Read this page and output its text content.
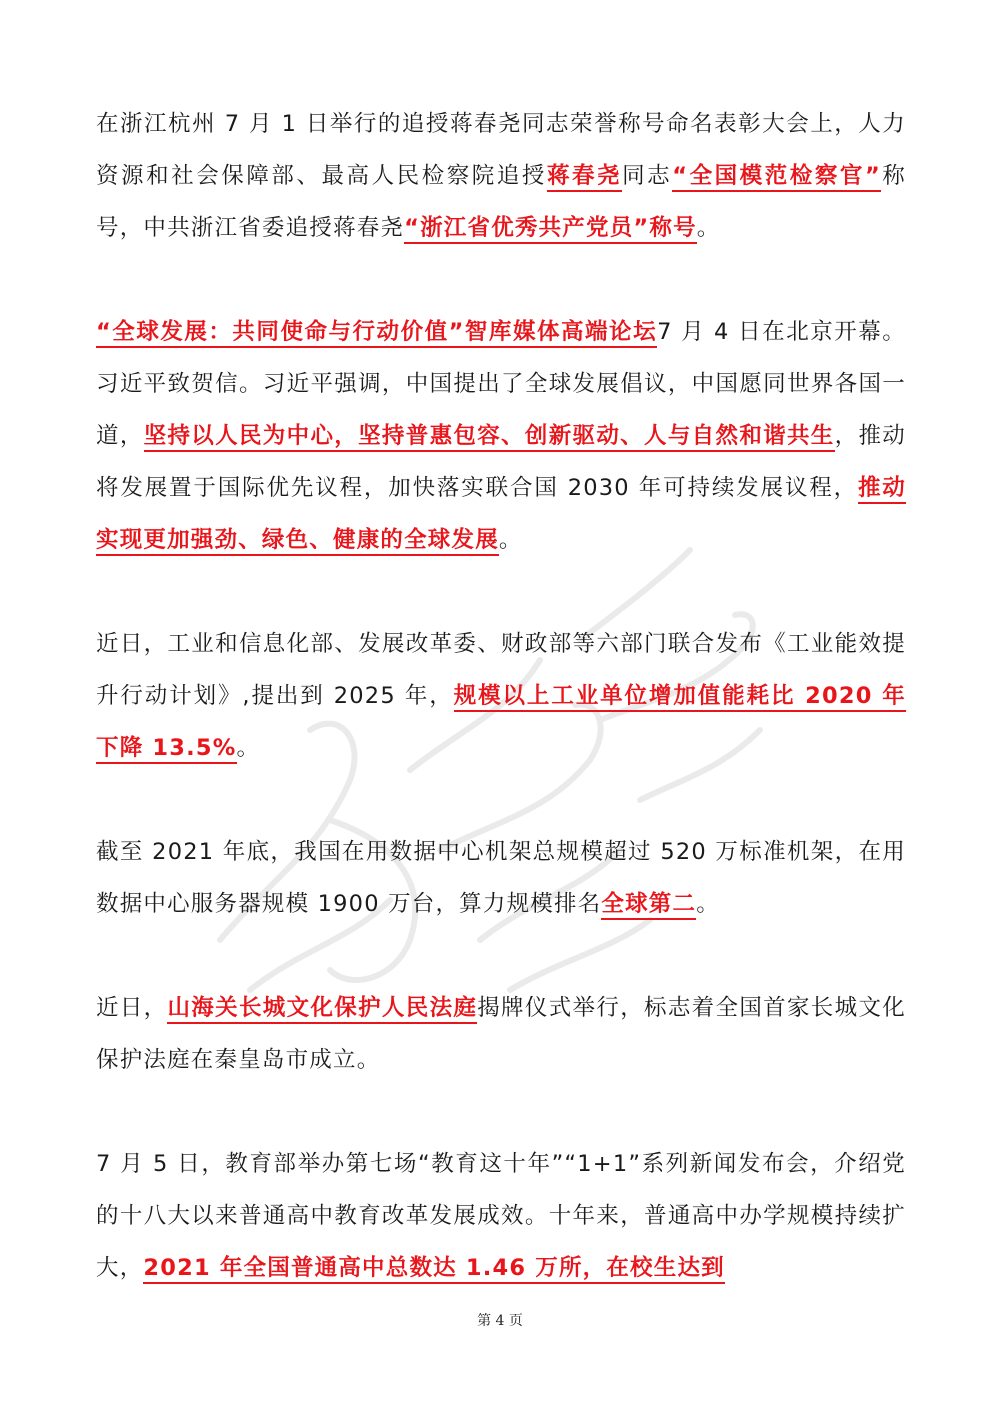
在浙江杭州 7 月 1 日举行的追授蒋春尧同志荣誉称号命名表彰大会上，人力资源和社会保障部、最高人民检察院追授蒋春尧同志“全国模范检察官”称号，中共浙江省委追授蒋春尧“浙江省优秀共产党员”称号。

“全球发展：共同使命与行动价值”智库媒体高端论坛7 月 4 日在北京开幕。习近平致贺信。习近平强调，中国提出了全球发展倡议，中国愿同世界各国一道，坚持以人民为中心，坚持普惠包容、创新驱动、人与自然和谐共生，推动将发展置于国际优先议程，加快落实联合国 2030 年可持续发展议程，推动实现更加强劲、绿色、健康的全球发展。

近日，工业和信息化部、发展改革委、财政部等六部门联合发布《工业能效提升行动计划》,提出到 2025 年，规模以上工业单位增加值能耗比 2020 年下降 13.5%。

截至 2021 年底，我国在用数据中心机架总规模超过 520 万标准机架，在用数据中心服务器规模 1900 万台，算力规模排名全球第二。

近日，山海关长城文化保护人民法庭揭牌仪式举行，标志着全国首家长城文化保护法庭在秦皇岛市成立。

7 月 5 日，教育部举办第七场“教育这十年”“1+1”系列新闻发布会，介绍党的十八大以来普通高中教育改革发展成效。十年来，普通高中办学规模持续扩大，2021 年全国普通高中总数达 1.46 万所，在校生达到

第 4 页
